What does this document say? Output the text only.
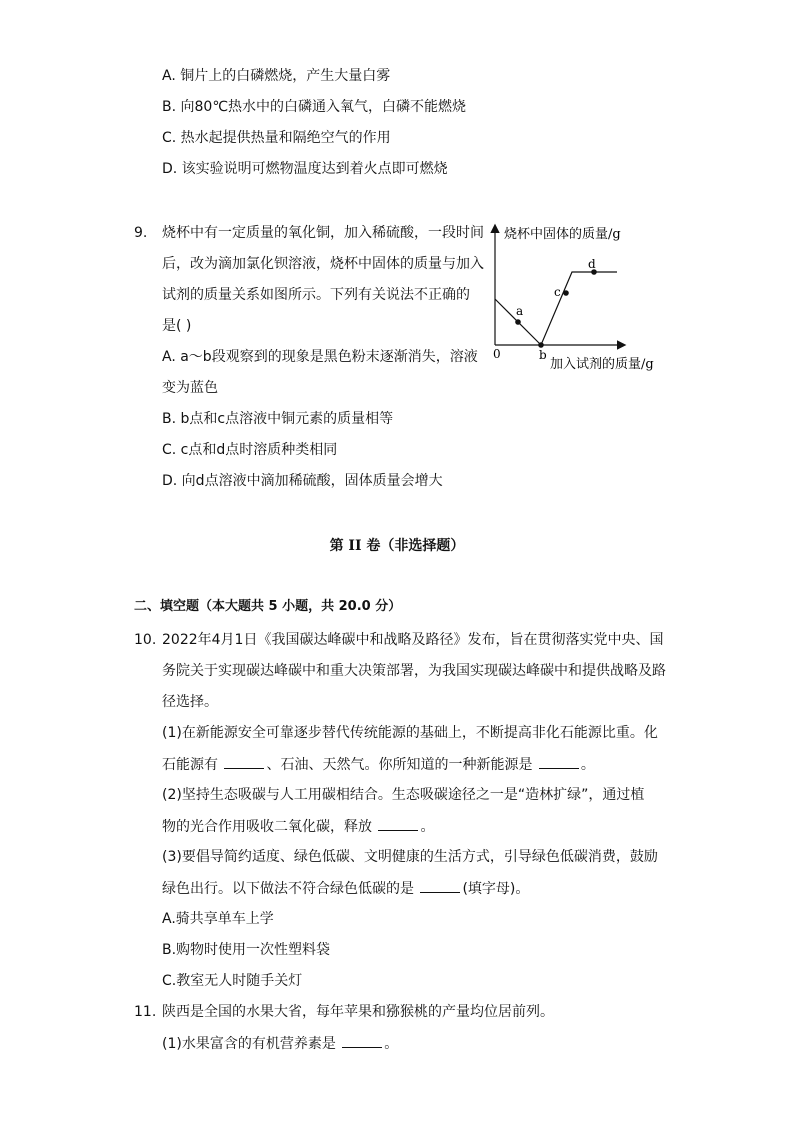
A. 铜片上的白磷燃烧，产生大量白雾
B. 向80℃热水中的白磷通入氧气，白磷不能燃烧
C. 热水起提供热量和隔绝空气的作用
D. 该实验说明可燃物温度达到着火点即可燃烧
9. 烧杯中有一定质量的氧化铜，加入稀硫酸，一段时间
后，改为滴加氯化钡溶液，烧杯中固体的质量与加入
试剂的质量关系如图所示。下列有关说法不正确的
是( )
A. a～b段观察到的现象是黑色粉末逐渐消失，溶液
变为蓝色
B. b点和c点溶液中铜元素的质量相等
C. c点和d点时溶质种类相同
D. 向d点溶液中滴加稀硫酸，固体质量会增大
a
b
c
d
0
烧杯中固体的质量/g
加入试剂的质量/g
第 II 卷（非选择题）
二、填空题（本大题共 5 小题，共 20.0 分）
10. 2022年4月1日《我国碳达峰碳中和战略及路径》发布，旨在贯彻落实党中央、国
务院关于实现碳达峰碳中和重大决策部署，为我国实现碳达峰碳中和提供战略及路
径选择。
(1)在新能源安全可靠逐步替代传统能源的基础上，不断提高非化石能源比重。化
石能源有	、石油、天然气。你所知道的一种新能源是	。
(2)坚持生态吸碳与人工用碳相结合。生态吸碳途径之一是“造林扩绿”，通过植
物的光合作用吸收二氧化碳，释放	。
(3)要倡导简约适度、绿色低碳、文明健康的生活方式，引导绿色低碳消费，鼓励
绿色出行。以下做法不符合绿色低碳的是	(填字母)。
A.骑共享单车上学
B.购物时使用一次性塑料袋
C.教室无人时随手关灯
11. 陕西是全国的水果大省，每年苹果和猕猴桃的产量均位居前列。
(1)水果富含的有机营养素是	。
